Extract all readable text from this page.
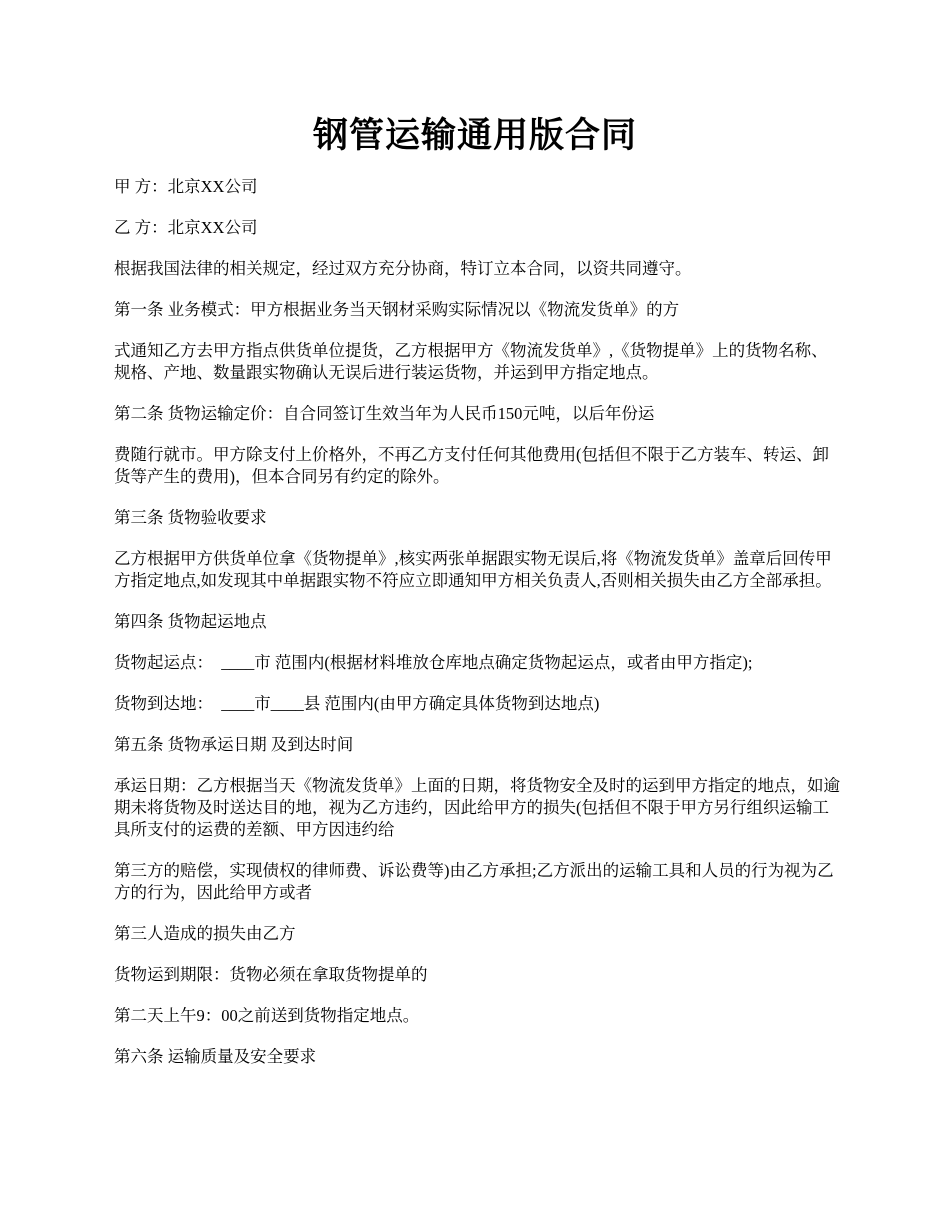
钢管运输通用版合同

甲 方：北京XX公司

乙 方：北京XX公司

根据我国法律的相关规定，经过双方充分协商，特订立本合同，以资共同遵守。

第一条 业务模式：甲方根据业务当天钢材采购实际情况以《物流发货单》的方

式通知乙方去甲方指点供货单位提货，乙方根据甲方《物流发货单》,《货物提单》上的货物名称、规格、产地、数量跟实物确认无误后进行装运货物，并运到甲方指定地点。

第二条 货物运输定价：自合同签订生效当年为人民币150元吨，以后年份运

费随行就市。甲方除支付上价格外，不再乙方支付任何其他费用(包括但不限于乙方装车、转运、卸货等产生的费用)，但本合同另有约定的除外。

第三条 货物验收要求

乙方根据甲方供货单位拿《货物提单》,核实两张单据跟实物无误后,将《物流发货单》盖章后回传甲方指定地点,如发现其中单据跟实物不符应立即通知甲方相关负责人,否则相关损失由乙方全部承担。

第四条 货物起运地点

货物起运点：  ____市 范围内(根据材料堆放仓库地点确定货物起运点，或者由甲方指定);

货物到达地：  ____市____县 范围内(由甲方确定具体货物到达地点)

第五条 货物承运日期 及到达时间

承运日期：乙方根据当天《物流发货单》上面的日期，将货物安全及时的运到甲方指定的地点，如逾期未将货物及时送达目的地，视为乙方违约，因此给甲方的损失(包括但不限于甲方另行组织运输工具所支付的运费的差额、甲方因违约给

第三方的赔偿，实现债权的律师费、诉讼费等)由乙方承担;乙方派出的运输工具和人员的行为视为乙方的行为，因此给甲方或者

第三人造成的损失由乙方

货物运到期限：货物必须在拿取货物提单的

第二天上午9：00之前送到货物指定地点。

第六条 运输质量及安全要求
